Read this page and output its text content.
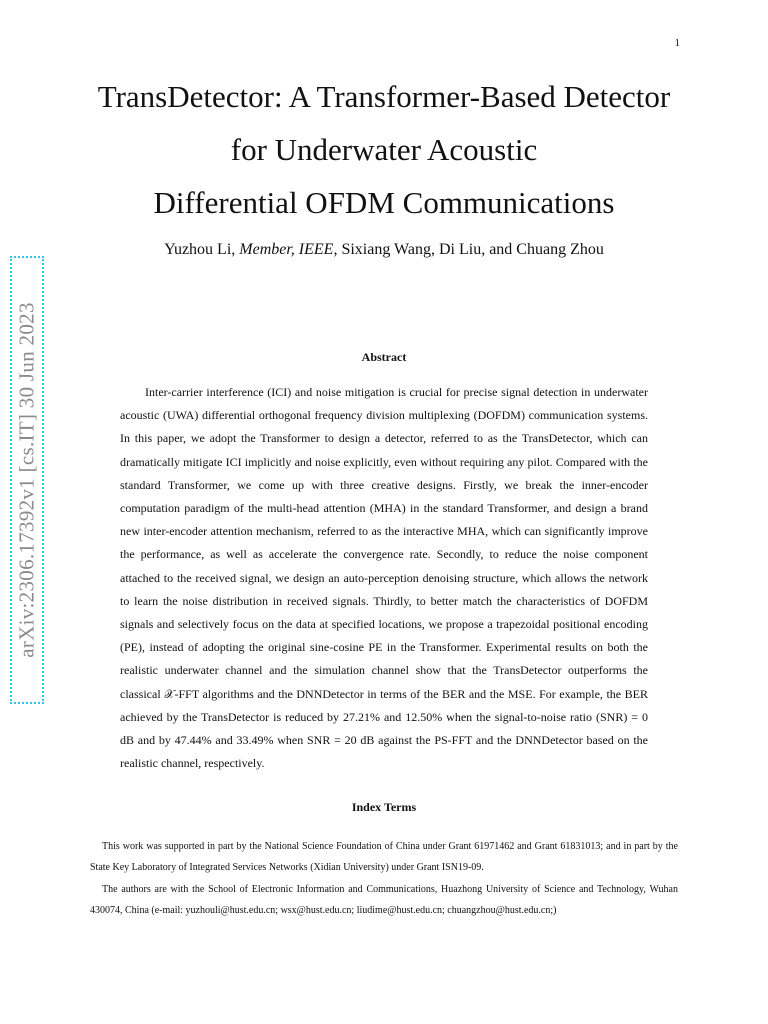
1
TransDetector: A Transformer-Based Detector
for Underwater Acoustic
Differential OFDM Communications
Yuzhou Li, Member, IEEE, Sixiang Wang, Di Liu, and Chuang Zhou
arXiv:2306.17392v1 [cs.IT] 30 Jun 2023	Abstract

Inter-carrier interference (ICI) and noise mitigation is crucial for precise signal detection in underwater acoustic (UWA) differential orthogonal frequency division multiplexing (DOFDM) communication systems. In this paper, we adopt the Transformer to design a detector, referred to as the TransDetector, which can dramatically mitigate ICI implicitly and noise explicitly, even without requiring any pilot. Compared with the standard Transformer, we come up with three creative designs. Firstly, we break the inner-encoder computation paradigm of the multi-head attention (MHA) in the standard Transformer, and design a brand new inter-encoder attention mechanism, referred to as the interactive MHA, which can significantly improve the performance, as well as accelerate the convergence rate. Secondly, to reduce the noise component attached to the received signal, we design an auto-perception denoising structure, which allows the network to learn the noise distribution in received signals. Thirdly, to better match the characteristics of DOFDM signals and selectively focus on the data at specified locations, we propose a trapezoidal positional encoding (PE), instead of adopting the original sine-cosine PE in the Transformer. Experimental results on both the realistic underwater channel and the simulation channel show that the TransDetector outperforms the classical 𝒳-FFT algorithms and the DNNDetector in terms of the BER and the MSE. For example, the BER achieved by the TransDetector is reduced by 27.21% and 12.50% when the signal-to-noise ratio (SNR) = 0 dB and by 47.44% and 33.49% when SNR = 20 dB against the PS-FFT and the DNNDetector based on the realistic channel, respectively.

Index Terms

This work was supported in part by the National Science Foundation of China under Grant 61971462 and Grant 61831013; and in part by the State Key Laboratory of Integrated Services Networks (Xidian University) under Grant ISN19-09.

The authors are with the School of Electronic Information and Communications, Huazhong University of Science and Technology, Wuhan 430074, China (e-mail: yuzhouli@hust.edu.cn; wsx@hust.edu.cn; liudime@hust.edu.cn; chuangzhou@hust.edu.cn;)
